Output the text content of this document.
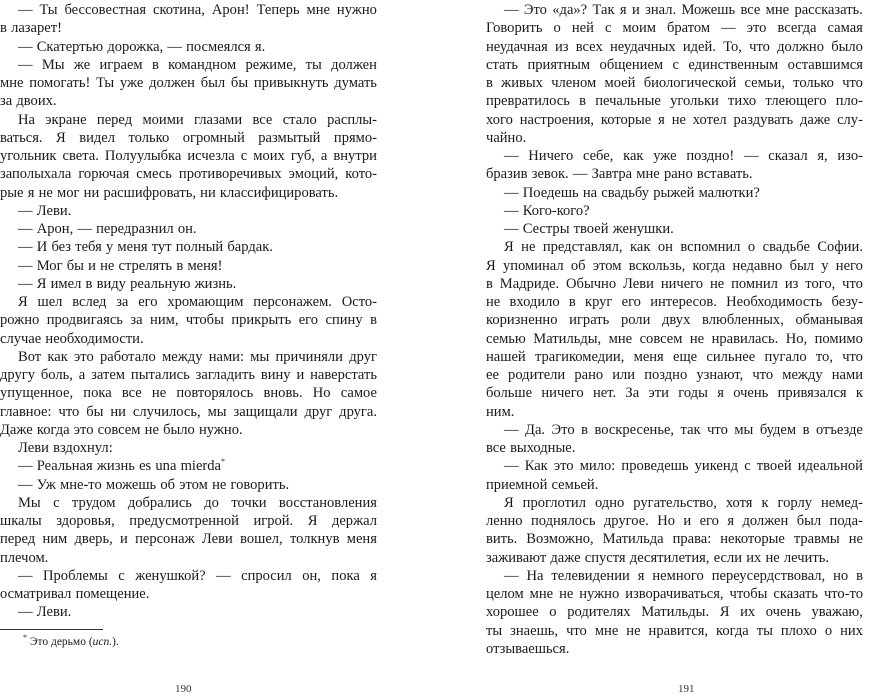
— Ты бессовестная скотина, Арон! Теперь мне нужно
в лазарет!
— Скатертью дорожка, — посмеялся я.
— Мы же играем в командном режиме, ты должен
мне помогать! Ты уже должен был бы привыкнуть думать
за двоих.
На экране перед моими глазами все стало расплы-
ваться. Я видел только огромный размытый прямо-
угольник света. Полуулыбка исчезла с моих губ, а внутри
заполыхала горючая смесь противоречивых эмоций, кото-
рые я не мог ни расшифровать, ни классифицировать.
— Леви.
— Арон, — передразнил он.
— И без тебя у меня тут полный бардак.
— Мог бы и не стрелять в меня!
— Я имел в виду реальную жизнь.
Я шел вслед за его хромающим персонажем. Осто-
рожно продвигаясь за ним, чтобы прикрыть его спину в
случае необходимости.
Вот как это работало между нами: мы причиняли друг
другу боль, а затем пытались загладить вину и наверстать
упущенное, пока все не повторялось вновь. Но самое
главное: что бы ни случилось, мы защищали друг друга.
Даже когда это совсем не было нужно.
Леви вздохнул:
— Реальная жизнь es una mierda*
— Уж мне-то можешь об этом не говорить.
Мы с трудом добрались до точки восстановления
шкалы здоровья, предусмотренной игрой. Я держал
перед ним дверь, и персонаж Леви вошел, толкнув меня
плечом.
— Проблемы с женушкой? — спросил он, пока я
осматривал помещение.
— Леви.
* Это дерьмо (исп.).
190
— Это «да»? Так я и знал. Можешь все мне рассказать.
Говорить о ней с моим братом — это всегда самая
неудачная из всех неудачных идей. То, что должно было
стать приятным общением с единственным оставшимся
в живых членом моей биологической семьи, только что
превратилось в печальные угольки тихо тлеющего пло-
хого настроения, которые я не хотел раздувать даже слу-
чайно.
— Ничего себе, как уже поздно! — сказал я, изо-
бразив зевок. — Завтра мне рано вставать.
— Поедешь на свадьбу рыжей малютки?
— Кого-кого?
— Сестры твоей женушки.
Я не представлял, как он вспомнил о свадьбе Софии.
Я упоминал об этом вскользь, когда недавно был у него
в Мадриде. Обычно Леви ничего не помнил из того, что
не входило в круг его интересов. Необходимость безу-
коризненно играть роли двух влюбленных, обманывая
семью Матильды, мне совсем не нравилась. Но, помимо
нашей трагикомедии, меня еще сильнее пугало то, что
ее родители рано или поздно узнают, что между нами
больше ничего нет. За эти годы я очень привязался к
ним.
— Да. Это в воскресенье, так что мы будем в отъезде
все выходные.
— Как это мило: проведешь уикенд с твоей идеальной
приемной семьей.
Я проглотил одно ругательство, хотя к горлу немед-
ленно поднялось другое. Но и его я должен был пода-
вить. Возможно, Матильда права: некоторые травмы не
заживают даже спустя десятилетия, если их не лечить.
— На телевидении я немного переусердствовал, но в
целом мне не нужно изворачиваться, чтобы сказать что-то
хорошее о родителях Матильды. Я их очень уважаю,
ты знаешь, что мне не нравится, когда ты плохо о них
отзываешься.
191
